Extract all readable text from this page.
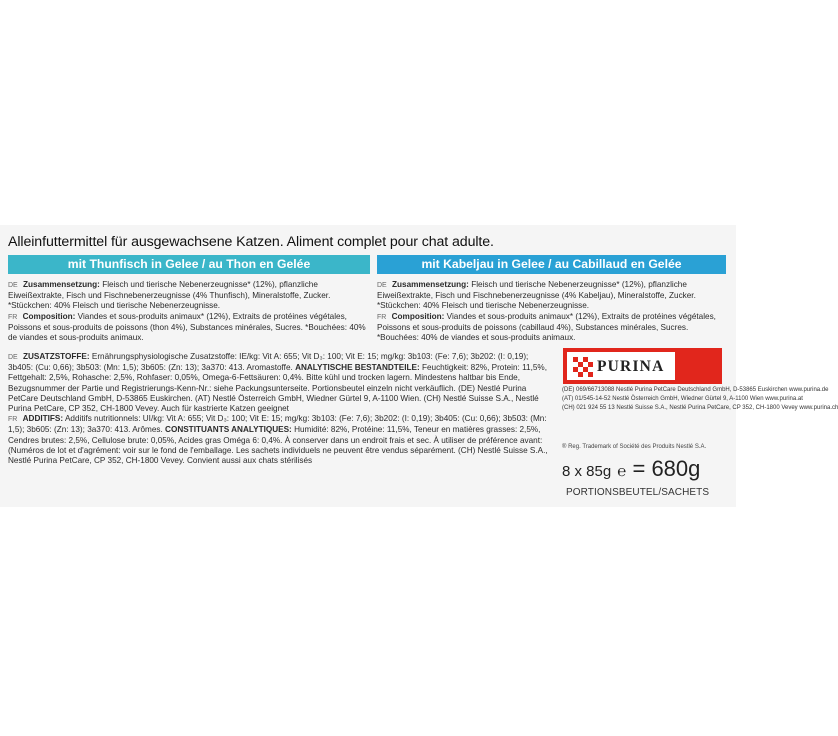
Alleinfuttermittel für ausgewachsene Katzen. Aliment complet pour chat adulte.
mit Thunfisch in Gelee / au Thon en Gelée	mit Kabeljau in Gelee / au Cabillaud en Gelée

DE Zusammensetzung: Fleisch und tierische Nebenerzeugnisse* (12%), pflanzliche Eiweißextrakte, Fisch und Fischnebenerzeugnisse (4% Thunfisch), Mineralstoffe, Zucker. *Stückchen: 40% Fleisch und tierische Nebenerzeugnisse.

FR Composition: Viandes et sous-produits animaux* (12%), Extraits de protéines végétales, Poissons et sous-produits de poissons (thon 4%), Substances minérales, Sucres. *Bouchées: 40% de viandes et sous-produits animaux.

DE Zusammensetzung: Fleisch und tierische Nebenerzeugnisse* (12%), pflanzliche Eiweißextrakte, Fisch und Fischnebenerzeugnisse (4% Kabeljau), Mineralstoffe, Zucker. *Stückchen: 40% Fleisch und tierische Nebenerzeugnisse.

FR Composition: Viandes et sous-produits animaux* (12%), Extraits de protéines végétales, Poissons et sous-produits de poissons (cabillaud 4%), Substances minérales, Sucres. *Bouchées: 40% de viandes et sous-produits animaux.

DE ZUSATZSTOFFE: Ernährungsphysiologische Zusatzstoffe: IE/kg: Vit A: 655; Vit D₃: 100; Vit E: 15; mg/kg: 3b103: (Fe: 7,6); 3b202: (I: 0,19); 3b405: (Cu: 0,66); 3b503: (Mn: 1,5); 3b605: (Zn: 13); 3a370: 413. Aromastoffe. ANALYTISCHE BESTANDTEILE: Feuchtigkeit: 82%, Protein: 11,5%, Fettgehalt: 2,5%, Rohasche: 2,5%, Rohfaser: 0,05%, Omega-6-Fettsäuren: 0,4%. Bitte kühl und trocken lagern. Mindestens haltbar bis Ende, Bezugsnummer der Partie und Registrierungs-Kenn-Nr.: siehe Packungsunterseite. Portionsbeutel einzeln nicht verkäuflich. (DE) Nestlé Purina PetCare Deutschland GmbH, D-53865 Euskirchen. (AT) Nestlé Österreich GmbH, Wiedner Gürtel 9, A-1100 Wien. (CH) Nestlé Suisse S.A., Nestlé Purina PetCare, CP 352, CH-1800 Vevey. Auch für kastrierte Katzen geeignet

FR ADDITIFS: Additifs nutritionnels: UI/kg: Vit A: 655; Vit D₃: 100; Vit E: 15; mg/kg: 3b103: (Fe: 7,6); 3b202: (I: 0,19); 3b405: (Cu: 0,66); 3b503: (Mn: 1,5); 3b605: (Zn: 13); 3a370: 413. Arômes. CONSTITUANTS ANALYTIQUES: Humidité: 82%, Protéine: 11,5%, Teneur en matières grasses: 2,5%, Cendres brutes: 2,5%, Cellulose brute: 0,05%, Acides gras Oméga 6: 0,4%. À conserver dans un endroit frais et sec. À utiliser de préférence avant: (Numéros de lot et d'agrément: voir sur le fond de l'emballage. Les sachets individuels ne peuvent être vendus séparément. (CH) Nestlé Suisse S.A., Nestlé Purina PetCare, CP 352, CH-1800 Vevey. Convient aussi aux chats stérilisés

PURINA

(DE) 069/66713088 Nestlé Purina PetCare Deutschland GmbH, D-53865 Euskirchen www.purina.de

(AT) 01/545-14-52 Nestlé Österreich GmbH, Wiedner Gürtel 9, A-1100 Wien www.purina.at

(CH) 021 924 55 13 Nestlé Suisse S.A., Nestlé Purina PetCare, CP 352, CH-1800 Vevey www.purina.ch

® Reg. Trademark of Société des Produits Nestlé S.A.
8 x 85g ℮ = 680g
PORTIONSBEUTEL/SACHETS
